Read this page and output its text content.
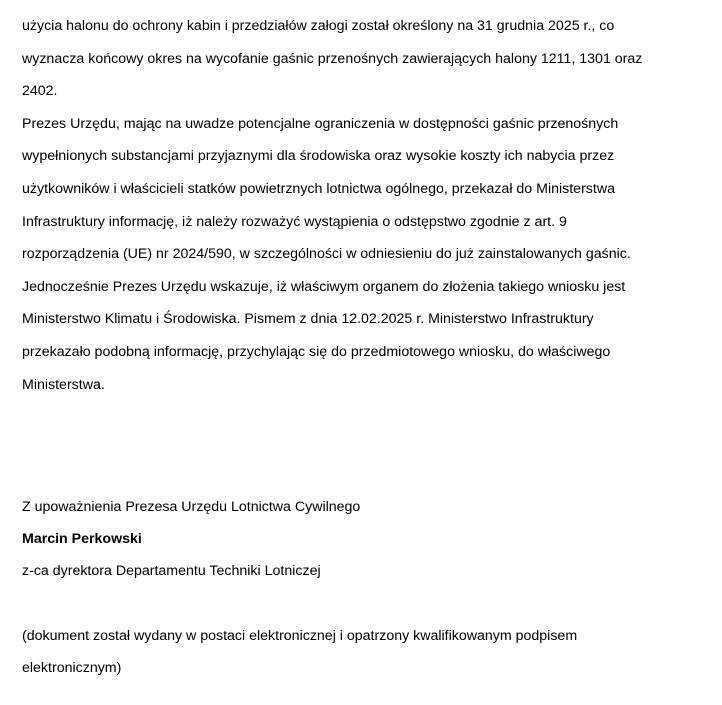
użycia halonu do ochrony kabin i przedziałów załogi został określony na 31 grudnia 2025 r., co
wyznacza końcowy okres na wycofanie gaśnic przenośnych zawierających halony 1211, 1301 oraz
2402.
Prezes Urzędu, mając na uwadze potencjalne ograniczenia w dostępności gaśnic przenośnych
wypełnionych substancjami przyjaznymi dla środowiska oraz wysokie koszty ich nabycia przez
użytkowników i właścicieli statków powietrznych lotnictwa ogólnego, przekazał do Ministerstwa
Infrastruktury informację, iż należy rozważyć wystąpienia o odstępstwo zgodnie z art. 9
rozporządzenia (UE) nr 2024/590, w szczególności w odniesieniu do już zainstalowanych gaśnic.
Jednocześnie Prezes Urzędu wskazuje, iż właściwym organem do złożenia takiego wniosku jest
Ministerstwo Klimatu i Środowiska. Pismem z dnia 12.02.2025 r. Ministerstwo Infrastruktury
przekazało podobną informację, przychylając się do przedmiotowego wniosku, do właściwego
Ministerstwa.
Z upoważnienia Prezesa Urzędu Lotnictwa Cywilnego
Marcin Perkowski
z-ca dyrektora Departamentu Techniki Lotniczej
(dokument został wydany w postaci elektronicznej i opatrzony kwalifikowanym podpisem
elektronicznym)
